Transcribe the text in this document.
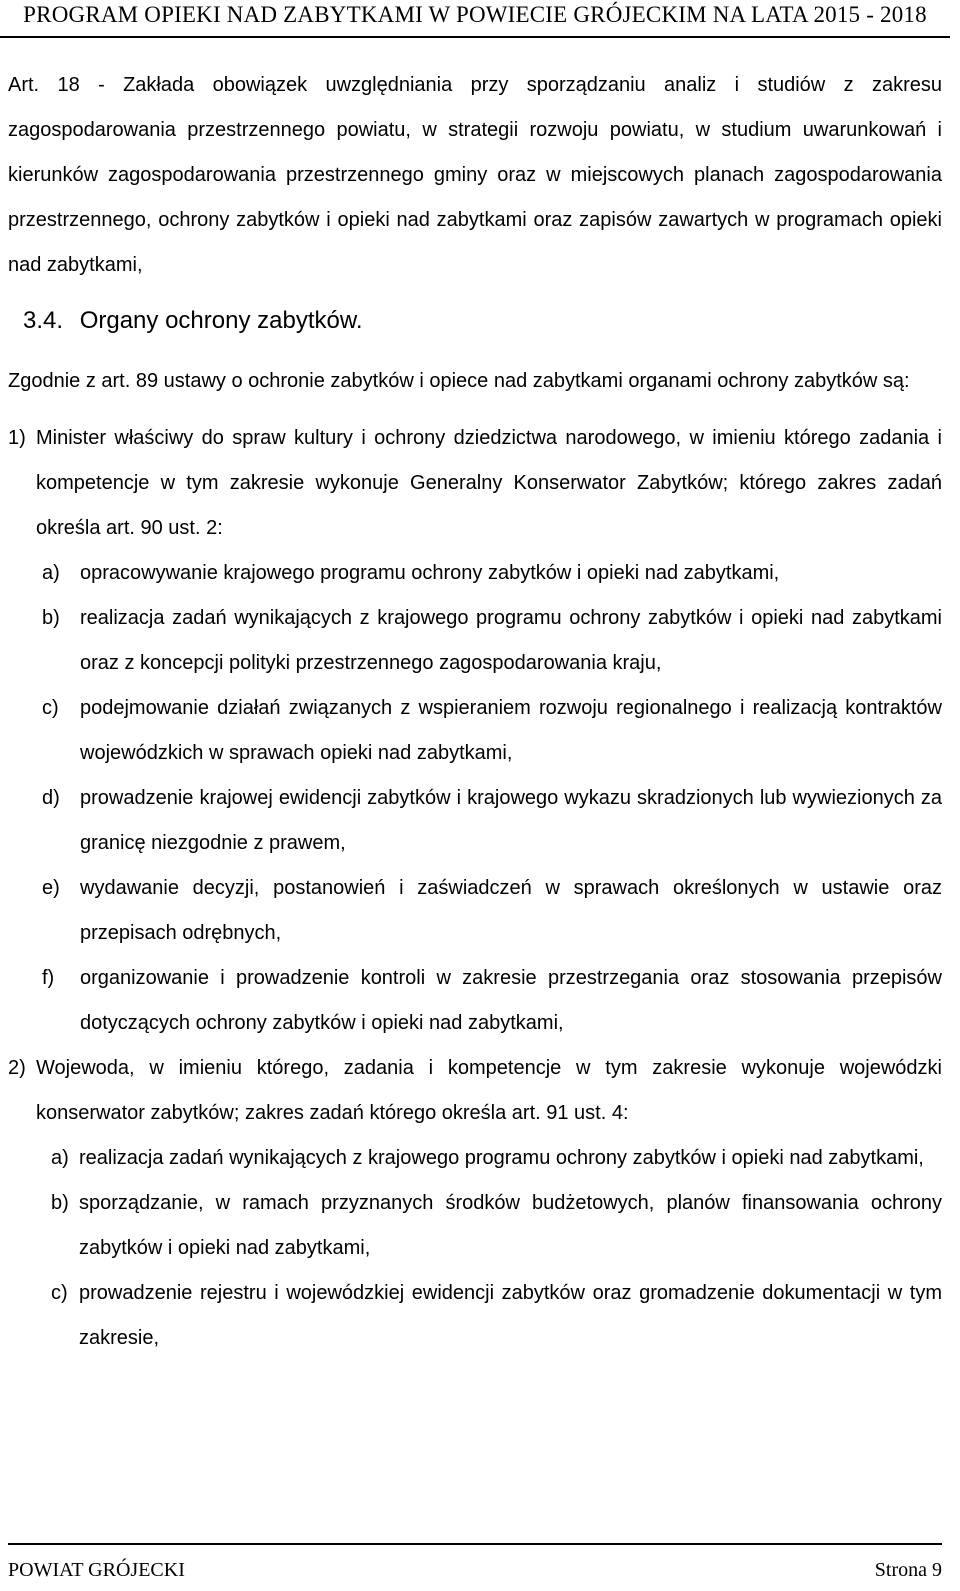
PROGRAM OPIEKI NAD ZABYTKAMI W POWIECIE GRÓJECKIM NA LATA 2015 - 2018

Art. 18 - Zakłada obowiązek uwzględniania przy sporządzaniu analiz i studiów z zakresu zagospodarowania przestrzennego powiatu, w strategii rozwoju powiatu, w studium uwarunkowań i kierunków zagospodarowania przestrzennego gminy oraz w miejscowych planach zagospodarowania przestrzennego, ochrony zabytków i opieki nad zabytkami oraz zapisów zawartych w programach opieki nad zabytkami,

3.4. Organy ochrony zabytków.

Zgodnie z art. 89 ustawy o ochronie zabytków i opiece nad zabytkami organami ochrony zabytków są:

1) Minister właściwy do spraw kultury i ochrony dziedzictwa narodowego, w imieniu którego zadania i kompetencje w tym zakresie wykonuje Generalny Konserwator Zabytków; którego zakres zadań określa art. 90 ust. 2:
a) opracowywanie krajowego programu ochrony zabytków i opieki nad zabytkami,
b) realizacja zadań wynikających z krajowego programu ochrony zabytków i opieki nad zabytkami oraz z koncepcji polityki przestrzennego zagospodarowania kraju,
c) podejmowanie działań związanych z wspieraniem rozwoju regionalnego i realizacją kontraktów wojewódzkich w sprawach opieki nad zabytkami,
d) prowadzenie krajowej ewidencji zabytków i krajowego wykazu skradzionych lub wywiezionych za granicę niezgodnie z prawem,
e) wydawanie decyzji, postanowień i zaświadczeń w sprawach określonych w ustawie oraz przepisach odrębnych,
f) organizowanie i prowadzenie kontroli w zakresie przestrzegania oraz stosowania przepisów dotyczących ochrony zabytków i opieki nad zabytkami,
2) Wojewoda, w imieniu którego, zadania i kompetencje w tym zakresie wykonuje wojewódzki konserwator zabytków; zakres zadań którego określa art. 91 ust. 4:
a) realizacja zadań wynikających z krajowego programu ochrony zabytków i opieki nad zabytkami,
b) sporządzanie, w ramach przyznanych środków budżetowych, planów finansowania ochrony zabytków i opieki nad zabytkami,
c) prowadzenie rejestru i wojewódzkiej ewidencji zabytków oraz gromadzenie dokumentacji w tym zakresie,
POWIAT GRÓJECKI	Strona 9
